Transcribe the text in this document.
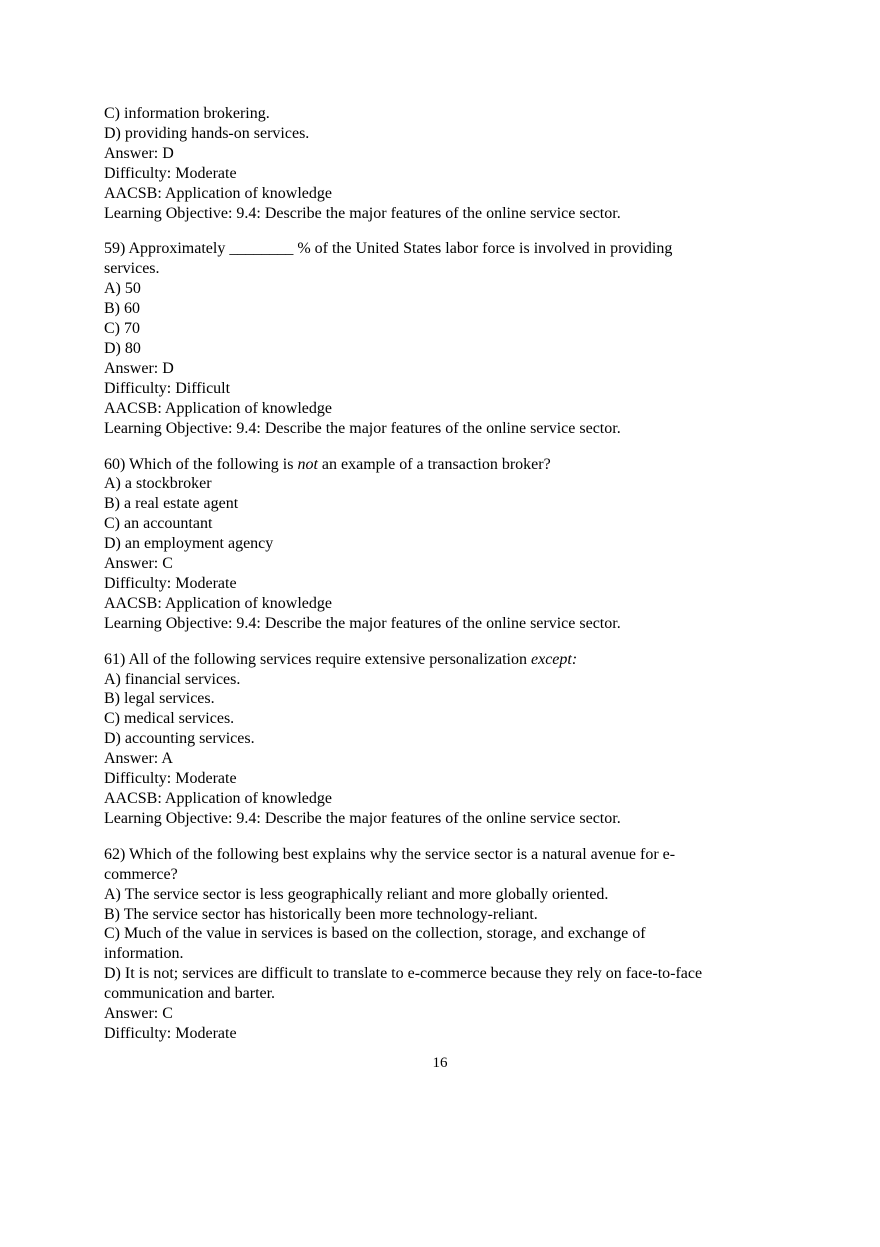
C) information brokering.
D) providing hands-on services.
Answer: D
Difficulty: Moderate
AACSB: Application of knowledge
Learning Objective: 9.4: Describe the major features of the online service sector.
59) Approximately ________ % of the United States labor force is involved in providing
services.
A) 50
B) 60
C) 70
D) 80
Answer: D
Difficulty: Difficult
AACSB: Application of knowledge
Learning Objective: 9.4: Describe the major features of the online service sector.
60) Which of the following is not an example of a transaction broker?
A) a stockbroker
B) a real estate agent
C) an accountant
D) an employment agency
Answer: C
Difficulty: Moderate
AACSB: Application of knowledge
Learning Objective: 9.4: Describe the major features of the online service sector.
61) All of the following services require extensive personalization except:
A) financial services.
B) legal services.
C) medical services.
D) accounting services.
Answer: A
Difficulty: Moderate
AACSB: Application of knowledge
Learning Objective: 9.4: Describe the major features of the online service sector.
62) Which of the following best explains why the service sector is a natural avenue for e-
commerce?
A) The service sector is less geographically reliant and more globally oriented.
B) The service sector has historically been more technology-reliant.
C) Much of the value in services is based on the collection, storage, and exchange of
information.
D) It is not; services are difficult to translate to e-commerce because they rely on face-to-face
communication and barter.
Answer: C
Difficulty: Moderate
16
